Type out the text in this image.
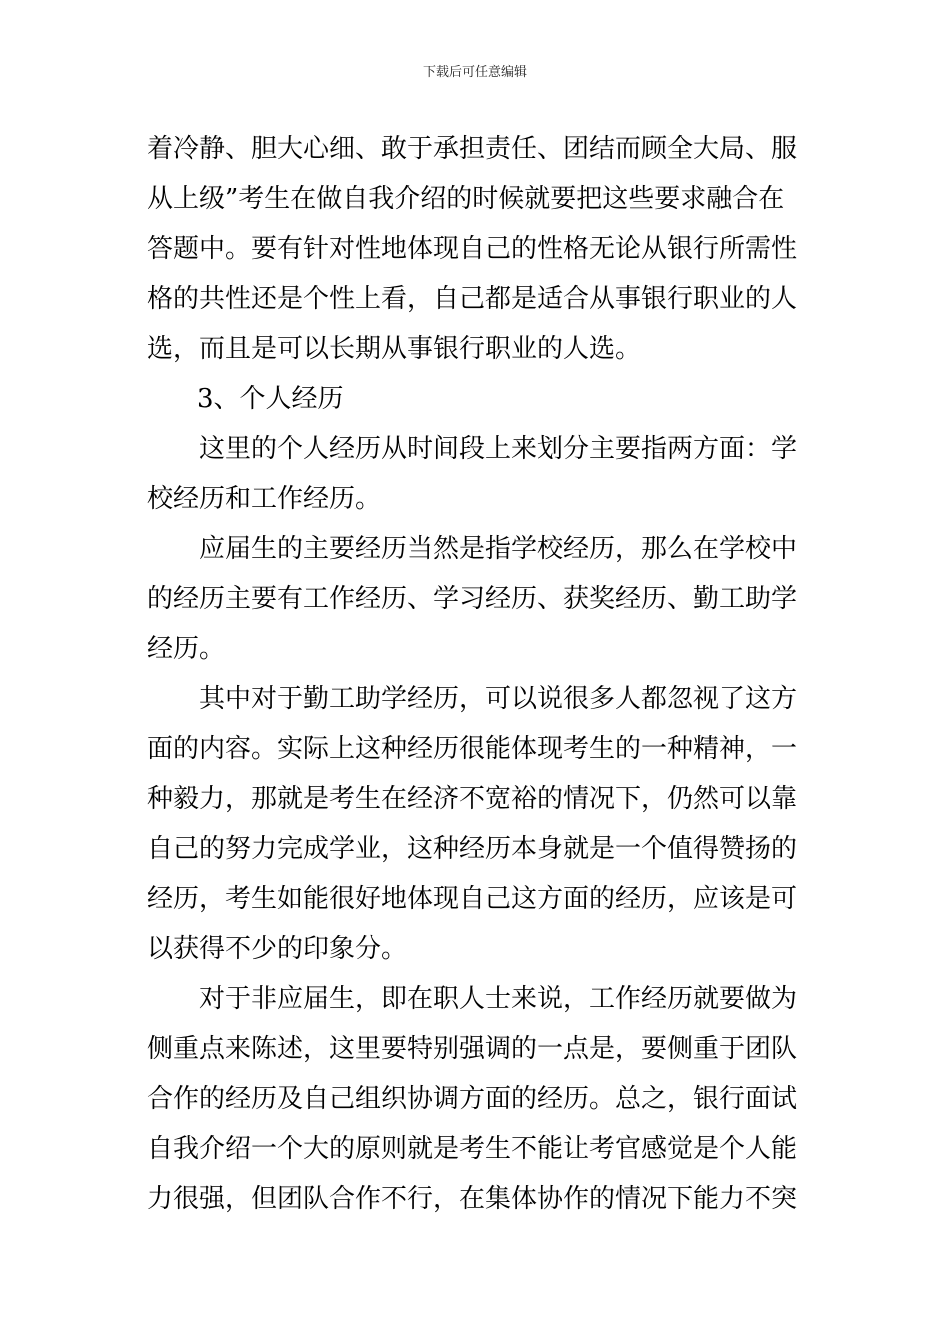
下载后可任意编辑
着冷静、胆大心细、敢于承担责任、团结而顾全大局、服
从上级”考生在做自我介绍的时候就要把这些要求融合在
答题中。要有针对性地体现自己的性格无论从银行所需性
格的共性还是个性上看，自己都是适合从事银行职业的人
选，而且是可以长期从事银行职业的人选。
3、个人经历
这里的个人经历从时间段上来划分主要指两方面：学
校经历和工作经历。
应届生的主要经历当然是指学校经历，那么在学校中
的经历主要有工作经历、学习经历、获奖经历、勤工助学
经历。
其中对于勤工助学经历，可以说很多人都忽视了这方
面的内容。实际上这种经历很能体现考生的一种精神，一
种毅力，那就是考生在经济不宽裕的情况下，仍然可以靠
自己的努力完成学业，这种经历本身就是一个值得赞扬的
经历，考生如能很好地体现自己这方面的经历，应该是可
以获得不少的印象分。
对于非应届生，即在职人士来说，工作经历就要做为
侧重点来陈述，这里要特别强调的一点是，要侧重于团队
合作的经历及自己组织协调方面的经历。总之，银行面试
自我介绍一个大的原则就是考生不能让考官感觉是个人能
力很强，但团队合作不行，在集体协作的情况下能力不突
